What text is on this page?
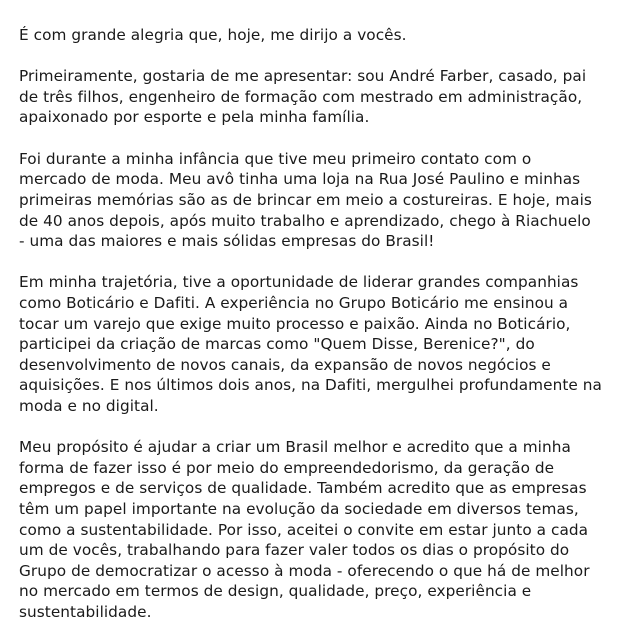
É com grande alegria que, hoje, me dirijo a vocês.

Primeiramente, gostaria de me apresentar: sou André Farber, casado, pai
de três filhos, engenheiro de formação com mestrado em administração,
apaixonado por esporte e pela minha família.

Foi durante a minha infância que tive meu primeiro contato com o
mercado de moda. Meu avô tinha uma loja na Rua José Paulino e minhas
primeiras memórias são as de brincar em meio a costureiras. E hoje, mais
de 40 anos depois, após muito trabalho e aprendizado, chego à Riachuelo
- uma das maiores e mais sólidas empresas do Brasil!

Em minha trajetória, tive a oportunidade de liderar grandes companhias
como Boticário e Dafiti. A experiência no Grupo Boticário me ensinou a
tocar um varejo que exige muito processo e paixão. Ainda no Boticário,
participei da criação de marcas como "Quem Disse, Berenice?", do
desenvolvimento de novos canais, da expansão de novos negócios e
aquisições. E nos últimos dois anos, na Dafiti, mergulhei profundamente na
moda e no digital.

Meu propósito é ajudar a criar um Brasil melhor e acredito que a minha
forma de fazer isso é por meio do empreendedorismo, da geração de
empregos e de serviços de qualidade. Também acredito que as empresas
têm um papel importante na evolução da sociedade em diversos temas,
como a sustentabilidade. Por isso, aceitei o convite em estar junto a cada
um de vocês, trabalhando para fazer valer todos os dias o propósito do
Grupo de democratizar o acesso à moda - oferecendo o que há de melhor
no mercado em termos de design, qualidade, preço, experiência e
sustentabilidade.
